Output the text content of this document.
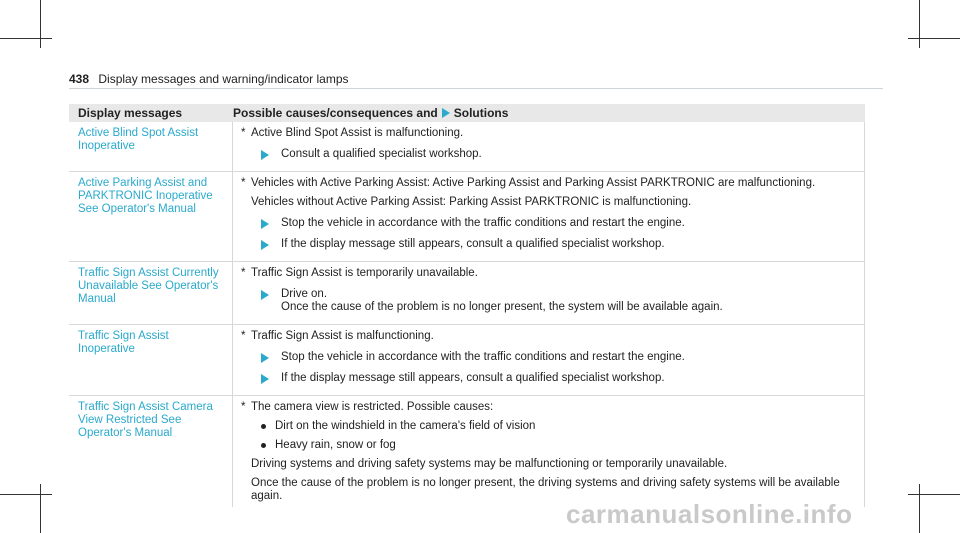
438 Display messages and warning/indicator lamps
Display messages	Possible causes/consequences and Solutions
Active Blind Spot Assist Inoperative
* Active Blind Spot Assist is malfunctioning.
Consult a qualified specialist workshop.
Active Parking Assist and PARKTRONIC Inoperative See Operator's Manual
* Vehicles with Active Parking Assist: Active Parking Assist and Parking Assist PARKTRONIC are malfunctioning.
Vehicles without Active Parking Assist: Parking Assist PARKTRONIC is malfunctioning.
Stop the vehicle in accordance with the traffic conditions and restart the engine.
If the display message still appears, consult a qualified specialist workshop.
Traffic Sign Assist Currently Unavailable See Operator's Manual
* Traffic Sign Assist is temporarily unavailable.
Drive on.
Once the cause of the problem is no longer present, the system will be available again.
Traffic Sign Assist Inoperative
* Traffic Sign Assist is malfunctioning.
Stop the vehicle in accordance with the traffic conditions and restart the engine.
If the display message still appears, consult a qualified specialist workshop.
Traffic Sign Assist Camera View Restricted See Operator's Manual
* The camera view is restricted. Possible causes:
Dirt on the windshield in the camera's field of vision
Heavy rain, snow or fog
Driving systems and driving safety systems may be malfunctioning or temporarily unavailable.
Once the cause of the problem is no longer present, the driving systems and driving safety systems will be available again.
carmanualsonline.info
